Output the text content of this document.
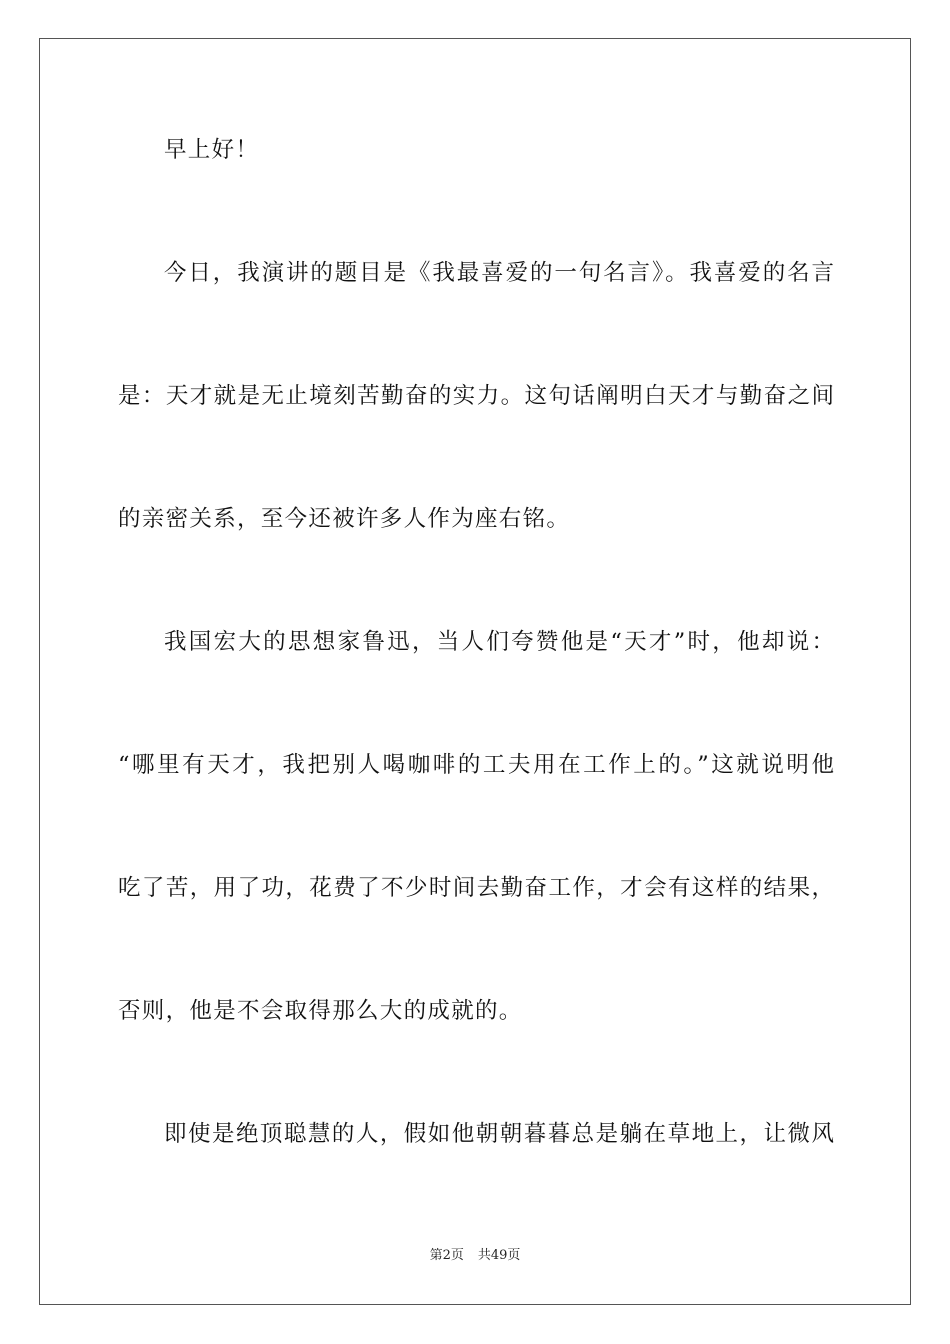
早上好！
今日，我演讲的题目是《我最喜爱的一句名言》。我喜爱的名言
是：天才就是无止境刻苦勤奋的实力。这句话阐明白天才与勤奋之间
的亲密关系，至今还被许多人作为座右铭。
我国宏大的思想家鲁迅，当人们夸赞他是“天才”时，他却说：
“哪里有天才，我把别人喝咖啡的工夫用在工作上的。”这就说明他
吃了苦，用了功，花费了不少时间去勤奋工作，才会有这样的结果，
否则，他是不会取得那么大的成就的。
即使是绝顶聪慧的人，假如他朝朝暮暮总是躺在草地上，让微风
第2页 共49页
